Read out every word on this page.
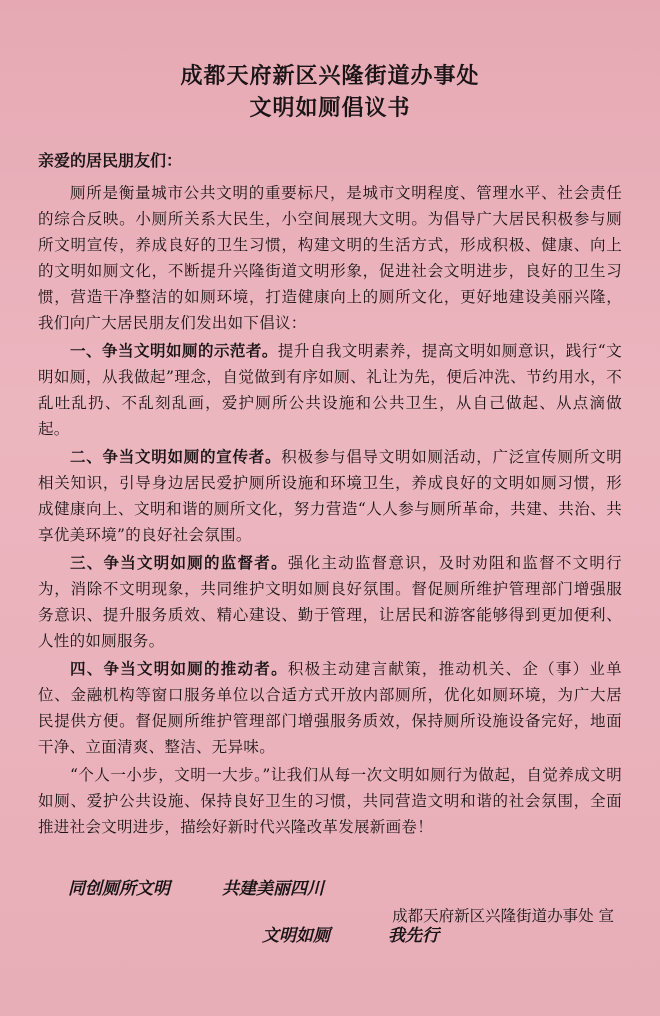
成都天府新区兴隆街道办事处
文明如厕倡议书
亲爱的居民朋友们：

厕所是衡量城市公共文明的重要标尺，是城市文明程度、管理水平、社会责任的综合反映。小厕所关系大民生，小空间展现大文明。为倡导广大居民积极参与厕所文明宣传，养成良好的卫生习惯，构建文明的生活方式，形成积极、健康、向上的文明如厕文化，不断提升兴隆街道文明形象，促进社会文明进步，良好的卫生习惯，营造干净整洁的如厕环境，打造健康向上的厕所文化，更好地建设美丽兴隆，我们向广大居民朋友们发出如下倡议：

一、争当文明如厕的示范者。提升自我文明素养，提高文明如厕意识，践行“文明如厕，从我做起”理念，自觉做到有序如厕、礼让为先，便后冲洗、节约用水，不乱吐乱扔、不乱刻乱画，爱护厕所公共设施和公共卫生，从自己做起、从点滴做起。

二、争当文明如厕的宣传者。积极参与倡导文明如厕活动，广泛宣传厕所文明相关知识，引导身边居民爱护厕所设施和环境卫生，养成良好的文明如厕习惯，形成健康向上、文明和谐的厕所文化，努力营造“人人参与厕所革命，共建、共治、共享优美环境”的良好社会氛围。

三、争当文明如厕的监督者。强化主动监督意识，及时劝阻和监督不文明行为，消除不文明现象，共同维护文明如厕良好氛围。督促厕所维护管理部门增强服务意识、提升服务质效、精心建设、勤于管理，让居民和游客能够得到更加便利、人性的如厕服务。

四、争当文明如厕的推动者。积极主动建言献策，推动机关、企（事）业单位、金融机构等窗口服务单位以合适方式开放内部厕所，优化如厕环境，为广大居民提供方便。督促厕所维护管理部门增强服务质效，保持厕所设施设备完好，地面干净、立面清爽、整洁、无异味。

“个人一小步，文明一大步。”让我们从每一次文明如厕行为做起，自觉养成文明如厕、爱护公共设施、保持良好卫生的习惯，共同营造文明和谐的社会氛围，全面推进社会文明进步，描绘好新时代兴隆改革发展新画卷！

同创厕所文明	共建美丽四川
文明如厕	我先行
成都天府新区兴隆街道办事处 宣
